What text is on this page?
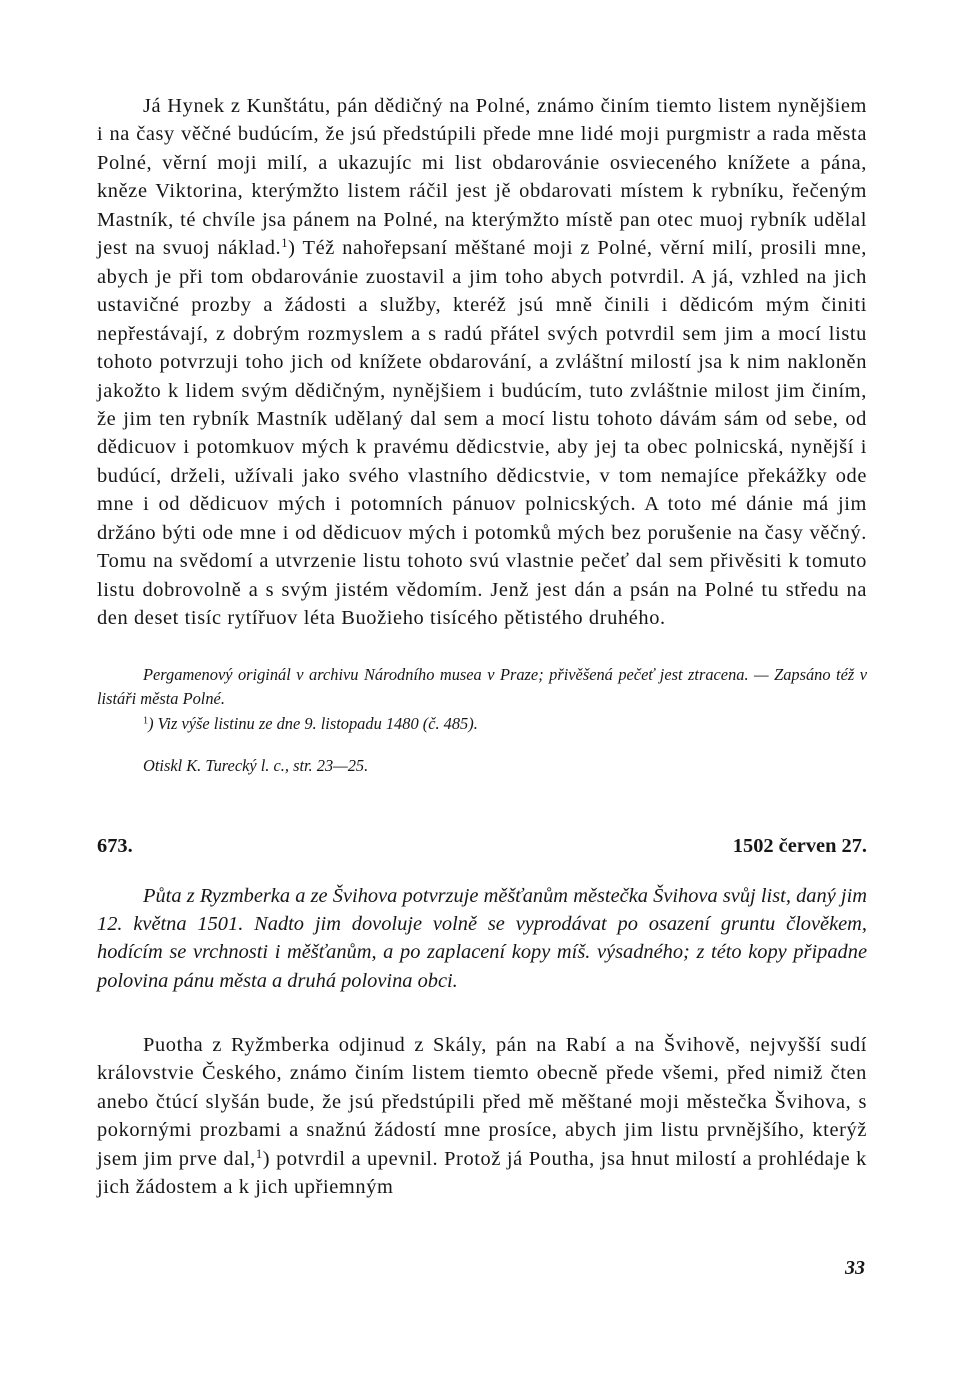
Já Hynek z Kunštátu, pán dědičný na Polné, známo činím tiemto listem nynějšiem i na časy věčné budúcím, že jsú předstúpili přede mne lidé moji purgmistr a rada města Polné, věrní moji milí, a ukazujíc mi list obdarovánie osvieceného knížete a pána, kněze Viktorina, kterýmžto listem ráčil jest jě obdarovati místem k rybníku, řečeným Mastník, té chvíle jsa pánem na Polné, na kterýmžto místě pan otec muoj rybník udělal jest na svuoj náklad.$^1$) Též nahořepsaní měštané moji z Polné, věrní milí, prosili mne, abych je při tom obdarovánie zuostavil a jim toho abych potvrdil. A já, vzhled na jich ustavičné prozby a žádosti a služby, kteréž jsú mně činili i dědicóm mým činiti nepřestávají, z dobrým rozmyslem a s radú přátel svých potvrdil sem jim a mocí listu tohoto potvrzuji toho jich od knížete obdarování, a zvláštní milostí jsa k nim nakloněn jakožto k lidem svým dědičným, nynějšiem i budúcím, tuto zvláštnie milost jim činím, že jim ten rybník Mastník udělaný dal sem a mocí listu tohoto dávám sám od sebe, od dědicuov i potomkuov mých k pravému dědicstvie, aby jej ta obec polnicská, nynější i budúcí, drželi, užívali jako svého vlastního dědicstvie, v tom nemajíce překážky ode mne i od dědicuov mých i potomních pánuov polnicských. A toto mé dánie má jim držáno býti ode mne i od dědicuov mých i potomků mých bez porušenie na časy věčný. Tomu na svědomí a utvrzenie listu tohoto svú vlastnie pečeť dal sem přivěsiti k tomuto listu dobrovolně a s svým jistém vědomím. Jenž jest dán a psán na Polné tu středu na den deset tisíc rytířuov léta Buožieho tisícého pětistého druhého.

Pergamenový originál v archivu Národního musea v Praze; přivěšená pečeť jest ztracena. — Zapsáno též v listáři města Polné.

$^1$) Viz výše listinu ze dne 9. listopadu 1480 (č. 485).

Otiskl K. Turecký l. c., str. 23—25.

673.	1502 červen 27.

Půta z Ryzmberka a ze Švihova potvrzuje měšťanům městečka Švihova svůj list, daný jim 12. května 1501. Nadto jim dovoluje volně se vyprodávat po osazení gruntu člověkem, hodícím se vrchnosti i měšťanům, a po zaplacení kopy míš. výsadného; z této kopy připadne polovina pánu města a druhá polovina obci.

Puotha z Ryžmberka odjinud z Skály, pán na Rabí a na Švihově, nejvyšší sudí královstvie Českého, známo činím listem tiemto obecně přede všemi, před nimiž čten anebo čtúcí slyšán bude, že jsú předstúpili před mě měštané moji městečka Švihova, s pokornými prozbami a snažnú žádostí mne prosíce, abych jim listu prvnějšího, kterýž jsem jim prve dal,$^1$) potvrdil a upevnil. Protož já Poutha, jsa hnut milostí a prohlédaje k jich žádostem a k jich upřiemným

33
